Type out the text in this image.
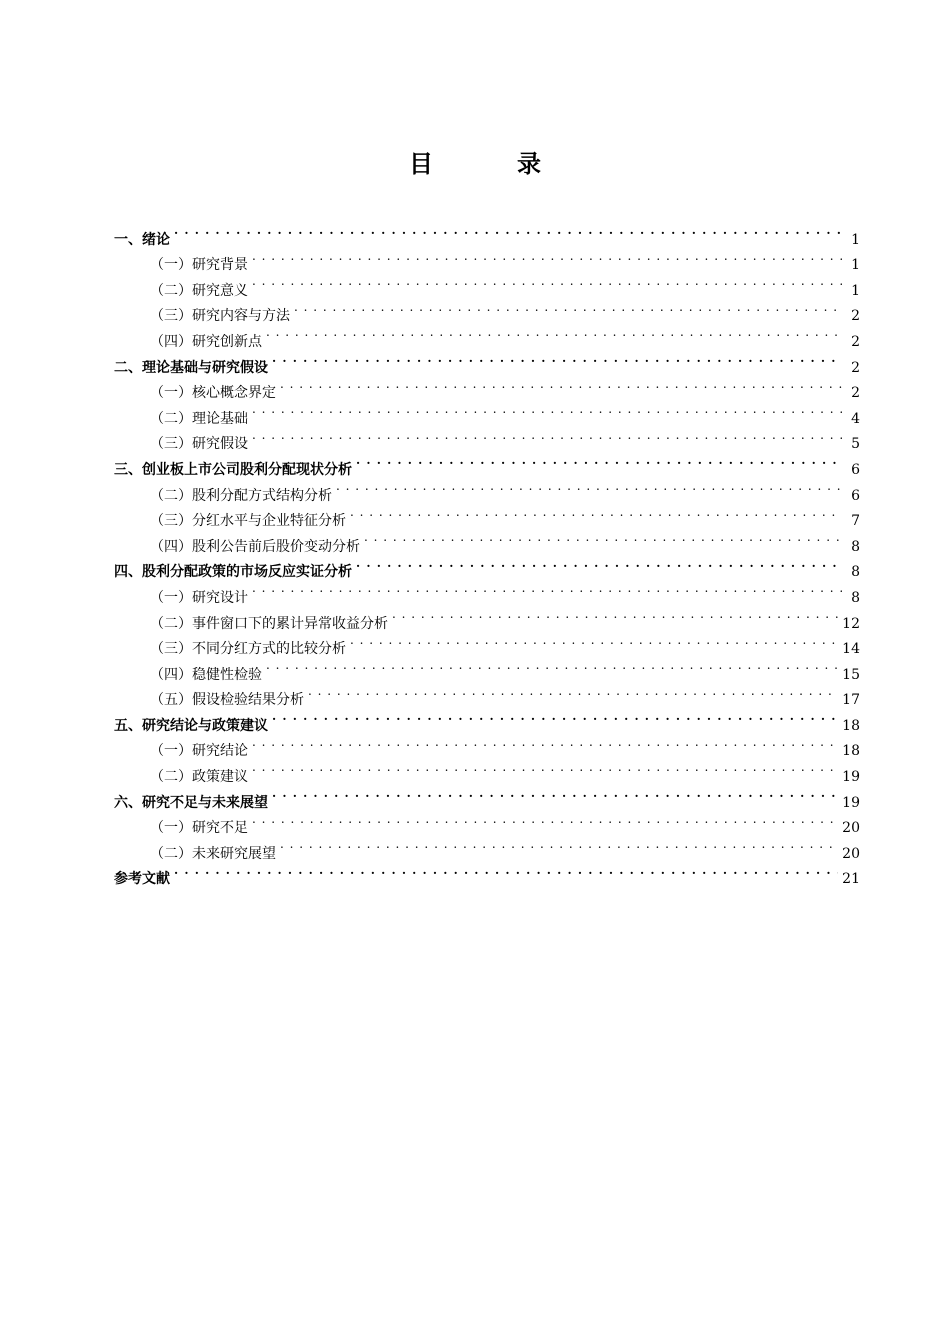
目　录
一、绪论 . . .	1
（一）研究背景 . . .	1
（二）研究意义 . . .	1
（三）研究内容与方法 . . .	2
（四）研究创新点 . . .	2
二、理论基础与研究假设 . . .	2
（一）核心概念界定 . . .	2
（二）理论基础 . . .	4
（三）研究假设 . . .	5
三、创业板上市公司股利分配现状分析 . . .	6
（二）股利分配方式结构分析 . . .	6
（三）分红水平与企业特征分析 . . .	7
（四）股利公告前后股价变动分析 . . .	8
四、股利分配政策的市场反应实证分析 . . .	8
（一）研究设计 . . .	8
（二）事件窗口下的累计异常收益分析 . . .	12
（三）不同分红方式的比较分析 . . .	14
（四）稳健性检验 . . .	15
（五）假设检验结果分析 . . .	17
五、研究结论与政策建议 . . .	18
（一）研究结论 . . .	18
（二）政策建议 . . .	19
六、研究不足与未来展望 . . .	19
（一）研究不足 . . .	20
（二）未来研究展望 . . .	20
参考文献 . . .	21
